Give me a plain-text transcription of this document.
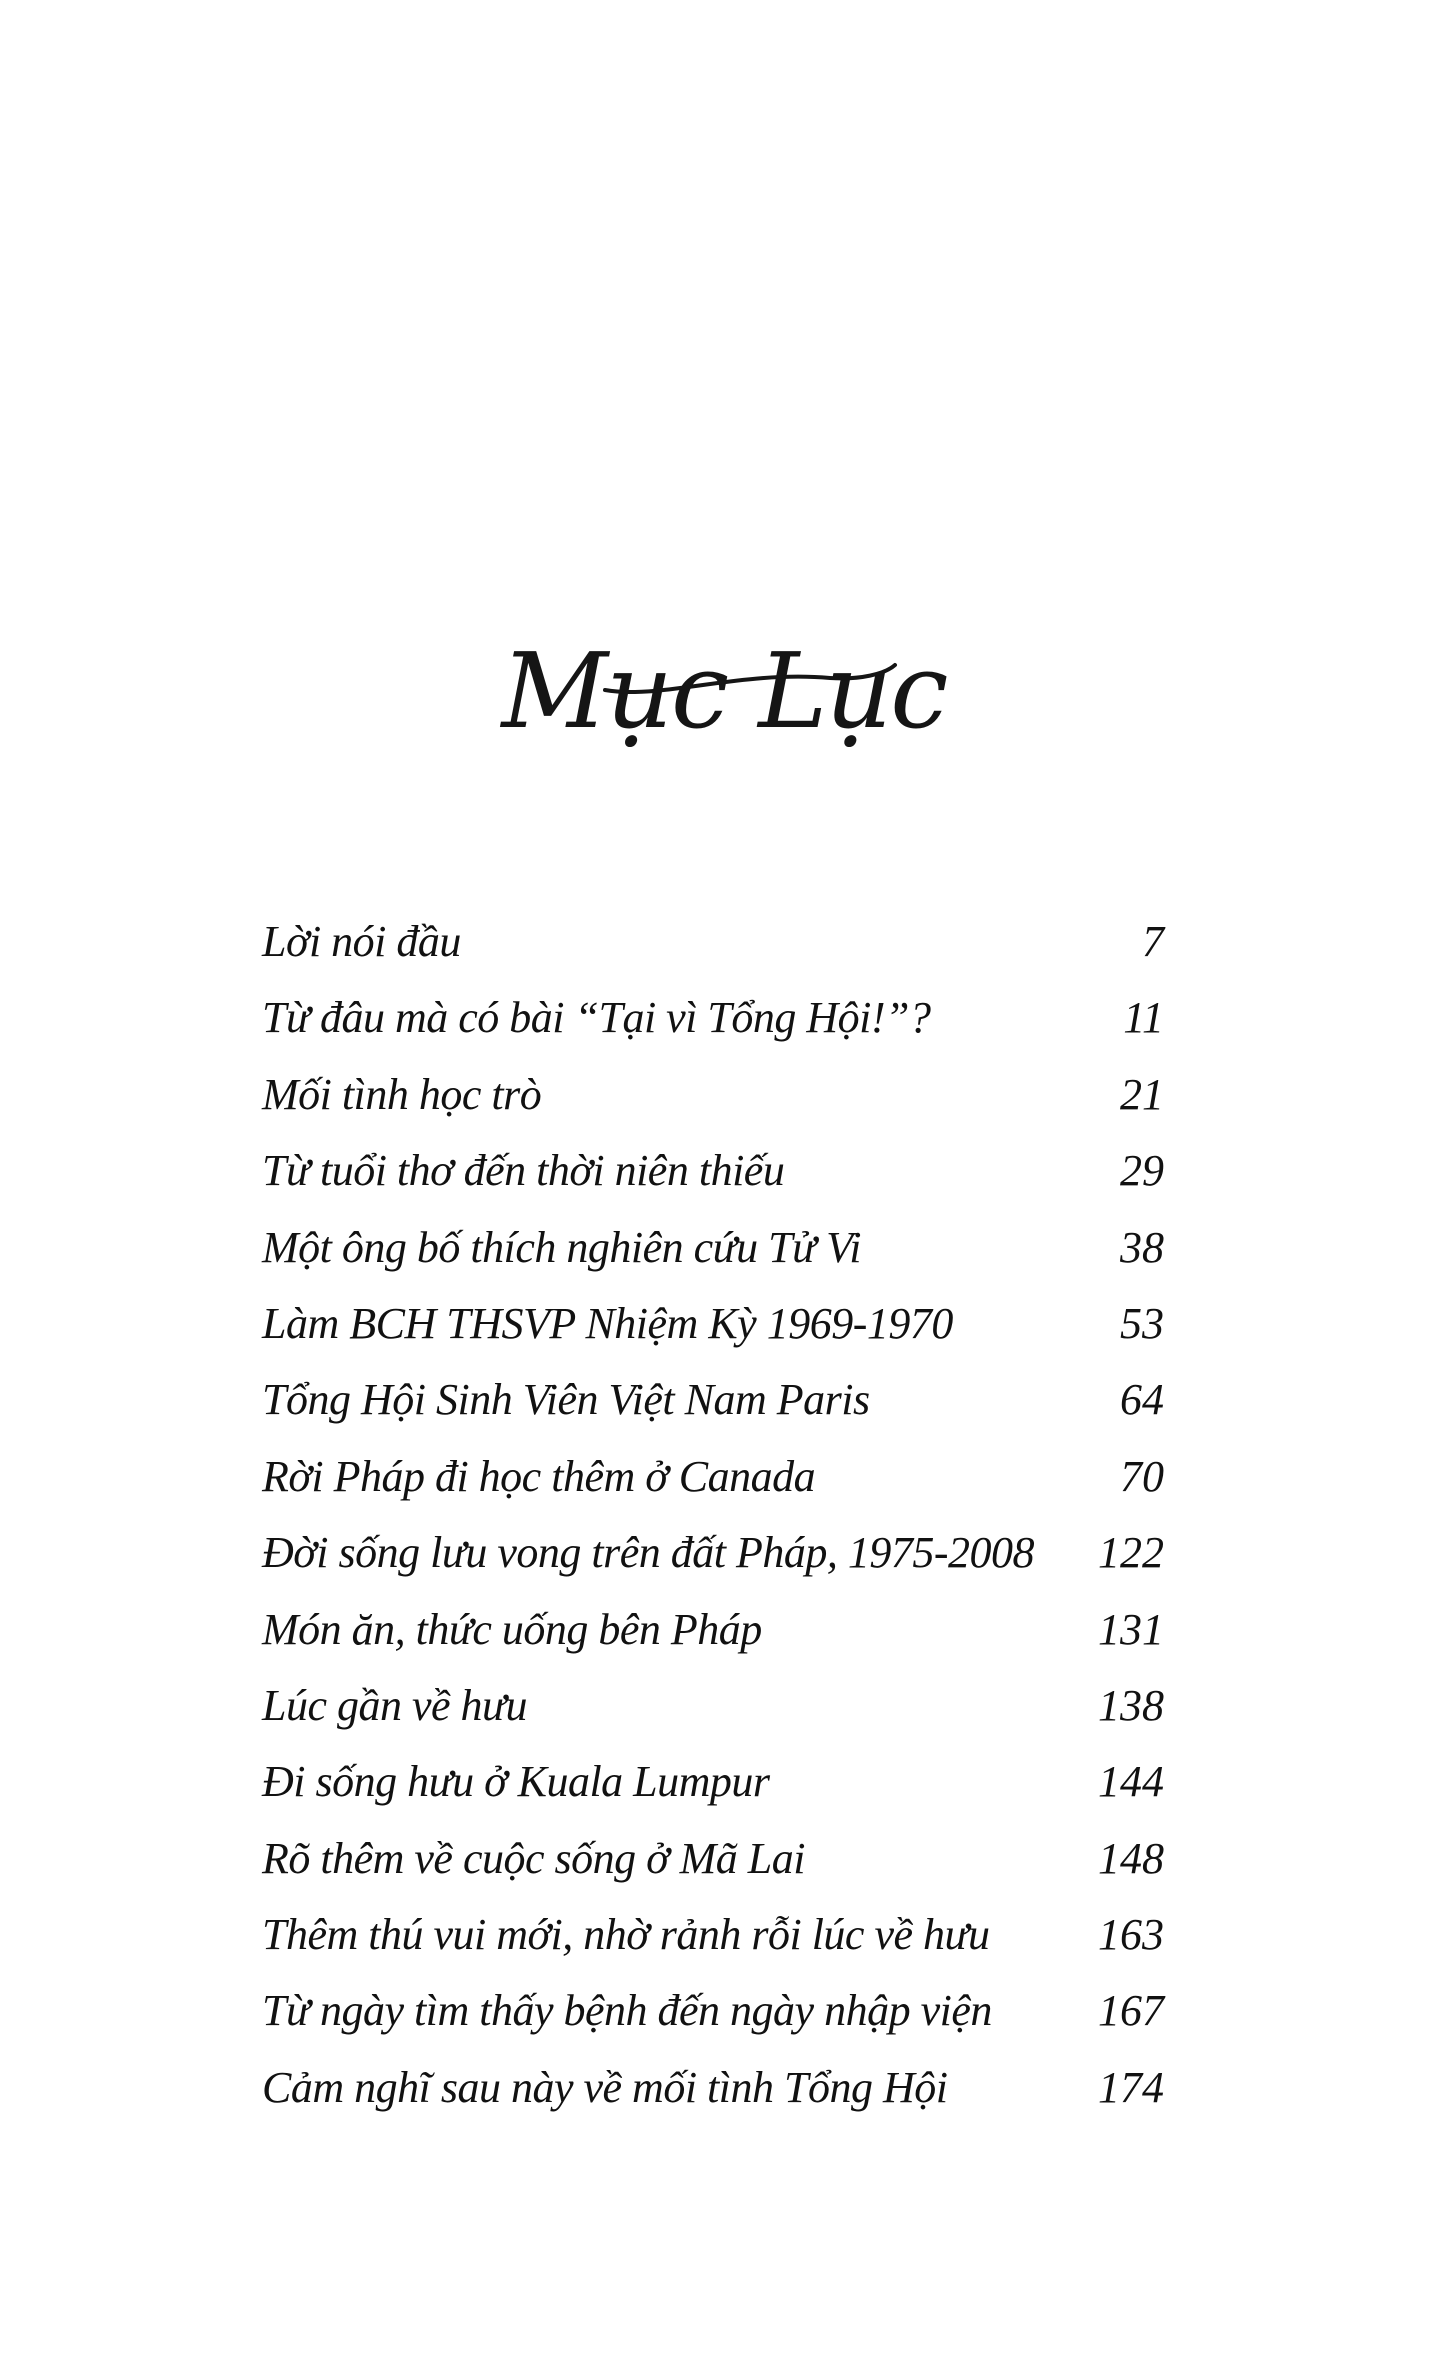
Mục Lục
Lời nói đầu	7
Từ đâu mà có bài “Tại vì Tổng Hội!”?	11
Mối tình học trò	21
Từ tuổi thơ đến thời niên thiếu	29
Một ông bố thích nghiên cứu Tử Vi	38
Làm BCH THSVP Nhiệm Kỳ 1969-1970	53
Tổng Hội Sinh Viên Việt Nam Paris	64
Rời Pháp đi học thêm ở Canada	70
Đời sống lưu vong trên đất Pháp, 1975-2008 122
Món ăn, thức uống bên Pháp	131
Lúc gần về hưu	138
Đi sống hưu ở Kuala Lumpur	144
Rõ thêm về cuộc sống ở Mã Lai	148
Thêm thú vui mới, nhờ rảnh rỗi lúc về hưu 163
Từ ngày tìm thấy bệnh đến ngày nhập viện 167
Cảm nghĩ sau này về mối tình Tổng Hội	174
